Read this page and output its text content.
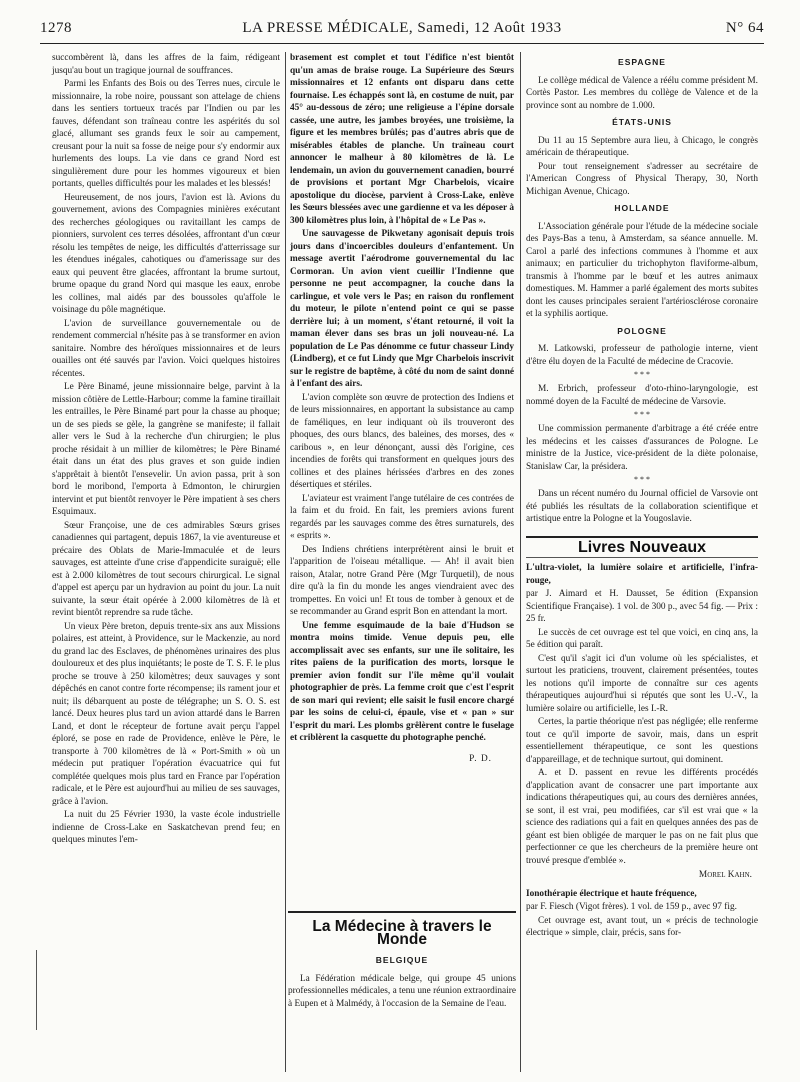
1278	LA PRESSE MÉDICALE, Samedi, 12 Août 1933	N° 64

succombèrent là, dans les affres de la faim, rédigeant jusqu'au bout un tragique journal de souffrances.

Parmi les Enfants des Bois ou des Terres nues, circule le missionnaire, la robe noire, poussant son attelage de chiens dans les sentiers tortueux tracés par l'Indien ou par les fauves, défendant son traîneau contre les aspérités du sol glacé, allumant ses grands feux le soir au campement, creusant pour la nuit sa fosse de neige pour s'y endormir aux hurlements des loups. La vie dans ce grand Nord est singulièrement dure pour les hommes vigoureux et bien portants, quelles difficultés pour les malades et les blessés!

Heureusement, de nos jours, l'avion est là. Avions du gouvernement, avions des Compagnies minières exécutant des recherches géologiques ou ravitaillant les camps de pionniers, survolent ces terres désolées, affrontant d'un cœur résolu les tempêtes de neige, les difficultés d'atterrissage sur les étendues inégales, cahotiques ou d'amerissage sur des eaux qui peuvent être glacées, affrontant la brume surtout, brume opaque du grand Nord qui masque les eaux, enrobe les collines, mal aidés par des boussoles qu'affole le voisinage du pôle magnétique.

L'avion de surveillance gouvernementale ou de rendement commercial n'hésite pas à se transformer en avion sanitaire. Nombre des héroïques missionnaires et de leurs ouailles ont été sauvés par l'avion. Voici quelques histoires récentes.

Le Père Binamé, jeune missionnaire belge, parvint à la mission côtière de Lettle-Harbour; comme la famine tiraillait les entrailles, le Père Binamé part pour la chasse au phoque; un de ses pieds se gèle, la gangrène se manifeste; il fallait aller vers le Sud à la recherche d'un chirurgien; le plus proche résidait à un millier de kilomètres; le Père Binamé était dans un état des plus graves et son guide indien s'apprêtait à bientôt l'ensevelir. Un avion passa, prit à son bord le moribond, l'emporta à Edmonton, le chirurgien intervint et put bientôt renvoyer le Père impatient à ses chers Esquimaux.

Sœur Françoise, une de ces admirables Sœurs grises canadiennes qui partagent, depuis 1867, la vie aventureuse et précaire des Oblats de Marie-Immaculée et de leurs sauvages, est atteinte d'une crise d'appendicite suraiguë; elle est à 2.000 kilomètres de tout secours chirurgical. Le signal d'appel est aperçu par un hydravion au point du jour. La nuit suivante, la sœur était opérée à 2.000 kilomètres de là et revint bientôt reprendre sa rude tâche.

Un vieux Père breton, depuis trente-six ans aux Missions polaires, est atteint, à Providence, sur le Mackenzie, au nord du grand lac des Esclaves, de phénomènes urinaires des plus douloureux et des plus inquiétants; le poste de T. S. F. le plus proche se trouve à 250 kilomètres; deux sauvages y sont dépêchés en canot contre forte récompense; ils rament jour et nuit; ils débarquent au poste de télégraphe; un S. O. S. est lancé. Deux heures plus tard un avion attardé dans le Barren Land, et dont le récepteur de fortune avait perçu l'appel éploré, se pose en rade de Providence, enlève le Père, le transporte à 700 kilomètres de là « Port-Smith » où un médecin put pratiquer l'opération évacuatrice qui fut complétée quelques mois plus tard en France par l'opération radicale, et le Père est aujourd'hui au milieu de ses sauvages, grâce à l'avion.

La nuit du 25 Février 1930, la vaste école industrielle indienne de Cross-Lake en Saskatchevan prend feu; en quelques minutes l'em-

brasement est complet et tout l'édifice n'est bientôt qu'un amas de braise rouge. La Supérieure des Sœurs missionnaires et 12 enfants ont disparu dans cette fournaise. Les échappés sont là, en costume de nuit, par 45° au-dessous de zéro; une religieuse a l'épine dorsale cassée, une autre, les jambes broyées, une troisième, la figure et les membres brûlés; pas d'autres abris que de misérables étables de planche. Un traîneau court annoncer le malheur à 80 kilomètres de là. Le lendemain, un avion du gouvernement canadien, bourré de provisions et portant Mgr Charbelois, vicaire apostolique du diocèse, parvient à Cross-Lake, enlève les Sœurs blessées avec une gardienne et va les déposer à 300 kilomètres plus loin, à l'hôpital de « Le Pas ».

Une sauvagesse de Pikwetany agonisait depuis trois jours dans d'incoercibles douleurs d'enfantement. Un message avertit l'aérodrome gouvernemental du lac Cormoran. Un avion vient cueillir l'Indienne que personne ne peut accompagner, la couche dans la carlingue, et vole vers le Pas; en raison du ronflement du moteur, le pilote n'entend point ce qui se passe derrière lui; à un moment, s'étant retourné, il voit la maman élever dans ses bras un joli nouveau-né. La population de Le Pas dénomme ce futur chasseur Lindy (Lindberg), et ce fut Lindy que Mgr Charbelois inscrivit sur le registre de baptême, à côté du nom de saint donné à l'enfant des airs.

L'avion complète son œuvre de protection des Indiens et de leurs missionnaires, en apportant la subsistance au camp de faméliques, en leur indiquant où ils trouveront des phoques, des ours blancs, des baleines, des morses, des « caribous », en leur dénonçant, aussi dès l'origine, ces incendies de forêts qui transforment en quelques jours des collines et des plaines hérissées d'arbres en des zones désertiques et stériles.

L'aviateur est vraiment l'ange tutélaire de ces contrées de la faim et du froid. En fait, les premiers avions furent regardés par les sauvages comme des êtres surnaturels, des « esprits ».

Des Indiens chrétiens interprétèrent ainsi le bruit et l'apparition de l'oiseau métallique. — Ah! il avait bien raison, Atalar, notre Grand Père (Mgr Turquetil), de nous dire qu'à la fin du monde les anges viendraient avec des trompettes. En voici un! Et tous de tomber à genoux et de se recommander au Grand esprit Bon en attendant la mort.

Une femme esquimaude de la baie d'Hudson se montra moins timide. Venue depuis peu, elle accomplissait avec ses enfants, sur une île solitaire, les rites païens de la purification des morts, lorsque le premier avion fondit sur l'île même qu'il voulait photographier de près. La femme croit que c'est l'esprit de son mari qui revient; elle saisit le fusil encore chargé par les soins de celui-ci, épaule, vise et « pan » sur l'esprit du mari. Les plombs grêlèrent contre le fuselage et criblèrent la casquette du photographe penché.

P. D.
La Médecine à travers le Monde
BELGIQUE

La Fédération médicale belge, qui groupe 45 unions professionnelles médicales, a tenu une réunion extraordinaire à Eupen et à Malmédy, à l'occasion de la Semaine de l'eau.

ESPAGNE

Le collège médical de Valence a réélu comme président M. Cortès Pastor. Les membres du collège de Valence et de la province sont au nombre de 1.000.

ÉTATS-UNIS

Du 11 au 15 Septembre aura lieu, à Chicago, le congrès américain de thérapeutique.

Pour tout renseignement s'adresser au secrétaire de l'American Congress of Physical Therapy, 30, North Michigan Avenue, Chicago.

HOLLANDE

L'Association générale pour l'étude de la médecine sociale des Pays-Bas a tenu, à Amsterdam, sa séance annuelle. M. Carol a parlé des infections communes à l'homme et aux animaux; en particulier du trichophyton flaviforme-album, transmis à l'homme par le bœuf et les autres animaux domestiques. M. Hammer a parlé également des morts subites dont les causes principales seraient l'artériosclérose coronaire et la syphilis aortique.

POLOGNE

M. Latkowski, professeur de pathologie interne, vient d'être élu doyen de la Faculté de médecine de Cracovie.

* * *

M. Erbrich, professeur d'oto-rhino-laryngologie, est nommé doyen de la Faculté de médecine de Varsovie.

* * *

Une commission permanente d'arbitrage a été créée entre les médecins et les caisses d'assurances de Pologne. Le ministre de la Justice, vice-président de la diète polonaise, Stanislaw Car, la présidera.

* * *

Dans un récent numéro du Journal officiel de Varsovie ont été publiés les résultats de la collaboration scientifique et artistique entre la Pologne et la Yougoslavie.

Livres Nouveaux

L'ultra-violet, la lumière solaire et artificielle, l'infra-rouge,

par J. Aimard et H. Dausset, 5e édition (Expansion Scientifique Française). 1 vol. de 300 p., avec 54 fig. — Prix : 25 fr.

Le succès de cet ouvrage est tel que voici, en cinq ans, la 5e édition qui paraît.

C'est qu'il s'agit ici d'un volume où les spécialistes, et surtout les praticiens, trouvent, clairement présentées, toutes les notions qu'il importe de connaître sur ces agents thérapeutiques aujourd'hui si réputés que sont les U.-V., la lumière solaire ou artificielle, les I.-R.

Certes, la partie théorique n'est pas négligée; elle renferme tout ce qu'il importe de savoir, mais, dans un esprit essentiellement thérapeutique, ce sont les questions d'appareillage, et de technique surtout, qui dominent.

A. et D. passent en revue les différents procédés d'application avant de consacrer une part importante aux indications thérapeutiques qui, au cours des dernières années, se sont, il est vrai, peu modifiées, car s'il est vrai que « la science des radiations qui a fait en quelques années des pas de géant est bien obligée de marquer le pas on ne fait plus que perfectionner ce que les chercheurs de la première heure ont trouvé presque d'emblée ».

Morel Kahn.

Ionothérapie électrique et haute fréquence,

par F. Fiesch (Vigot frères). 1 vol. de 159 p., avec 97 fig.

Cet ouvrage est, avant tout, un « précis de technologie électrique » simple, clair, précis, sans for-
